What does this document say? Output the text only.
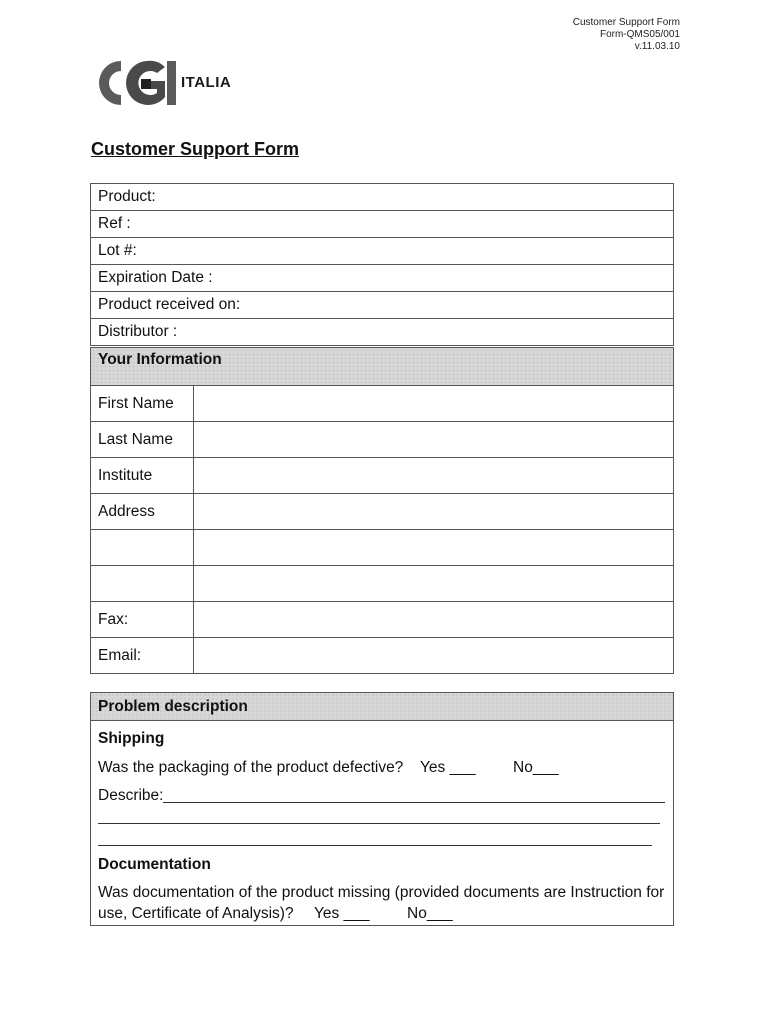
Customer Support Form
Form-QMS05/001
v.11.03.10
ITALIA
Customer Support Form
Product:
Ref :
Lot #:
Expiration Date :
Product received on:
Distributor :
Your Information	
First Name	
Last Name	
Institute	
Address	

Fax:	
Email:	
Problem description
Shipping
Was the packaging of the product defective? Yes ___ No___
Describe:
Documentation
Was documentation of the product missing (provided documents are Instruction for
use, Certificate of Analysis)? Yes ___ No___
